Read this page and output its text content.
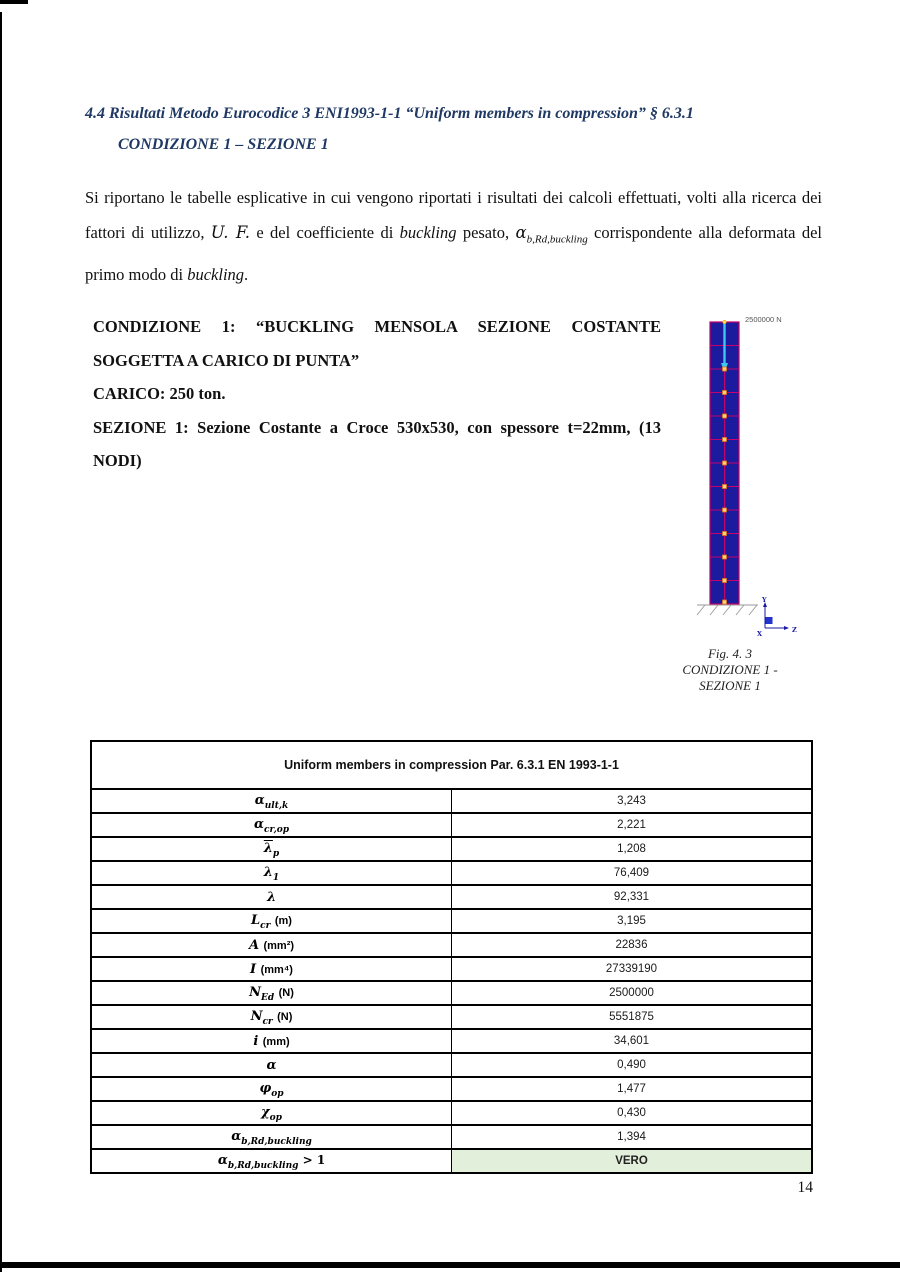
4.4 Risultati Metodo Eurocodice 3 ENI1993-1-1 “Uniform members in compression” § 6.3.1
CONDIZIONE 1 – SEZIONE 1
Si riportano le tabelle esplicative in cui vengono riportati i risultati dei calcoli effettuati, volti alla ricerca dei fattori di utilizzo, U. F. e del coefficiente di buckling pesato, $\alpha_{b,Rd,buckling}$ corrispondente alla deformata del primo modo di buckling.

CONDIZIONE 1: “BUCKLING MENSOLA SEZIONE COSTANTE SOGGETTA A CARICO DI PUNTA”

CARICO: 250 ton.

SEZIONE 1: Sezione Costante a Croce 530x530, con spessore t=22mm, (13 NODI)

2500000 N
Y
X	Z
Fig. 4. 3
CONDIZIONE 1 -
SEZIONE 1
Uniform members in compression Par. 6.3.1 EN 1993-1-1	
$\alpha_{ult,k}$	3,243
$\alpha_{cr,op}$	2,221
$\overline{\lambda}_p$	1,208
$\lambda_1$	76,409
λ	92,331
$L_{cr}$ (m)	3,195
A (mm²)	22836
I (mm⁴)	27339190
$N_{Ed}$ (N)	2500000
$N_{cr}$ (N)	5551875
i (mm)	34,601
α	0,490
$\varphi_{op}$	1,477
$\chi_{op}$	0,430
$\alpha_{b,Rd,buckling}$	1,394
$\alpha_{b,Rd,buckling} > 1$	VERO
14
